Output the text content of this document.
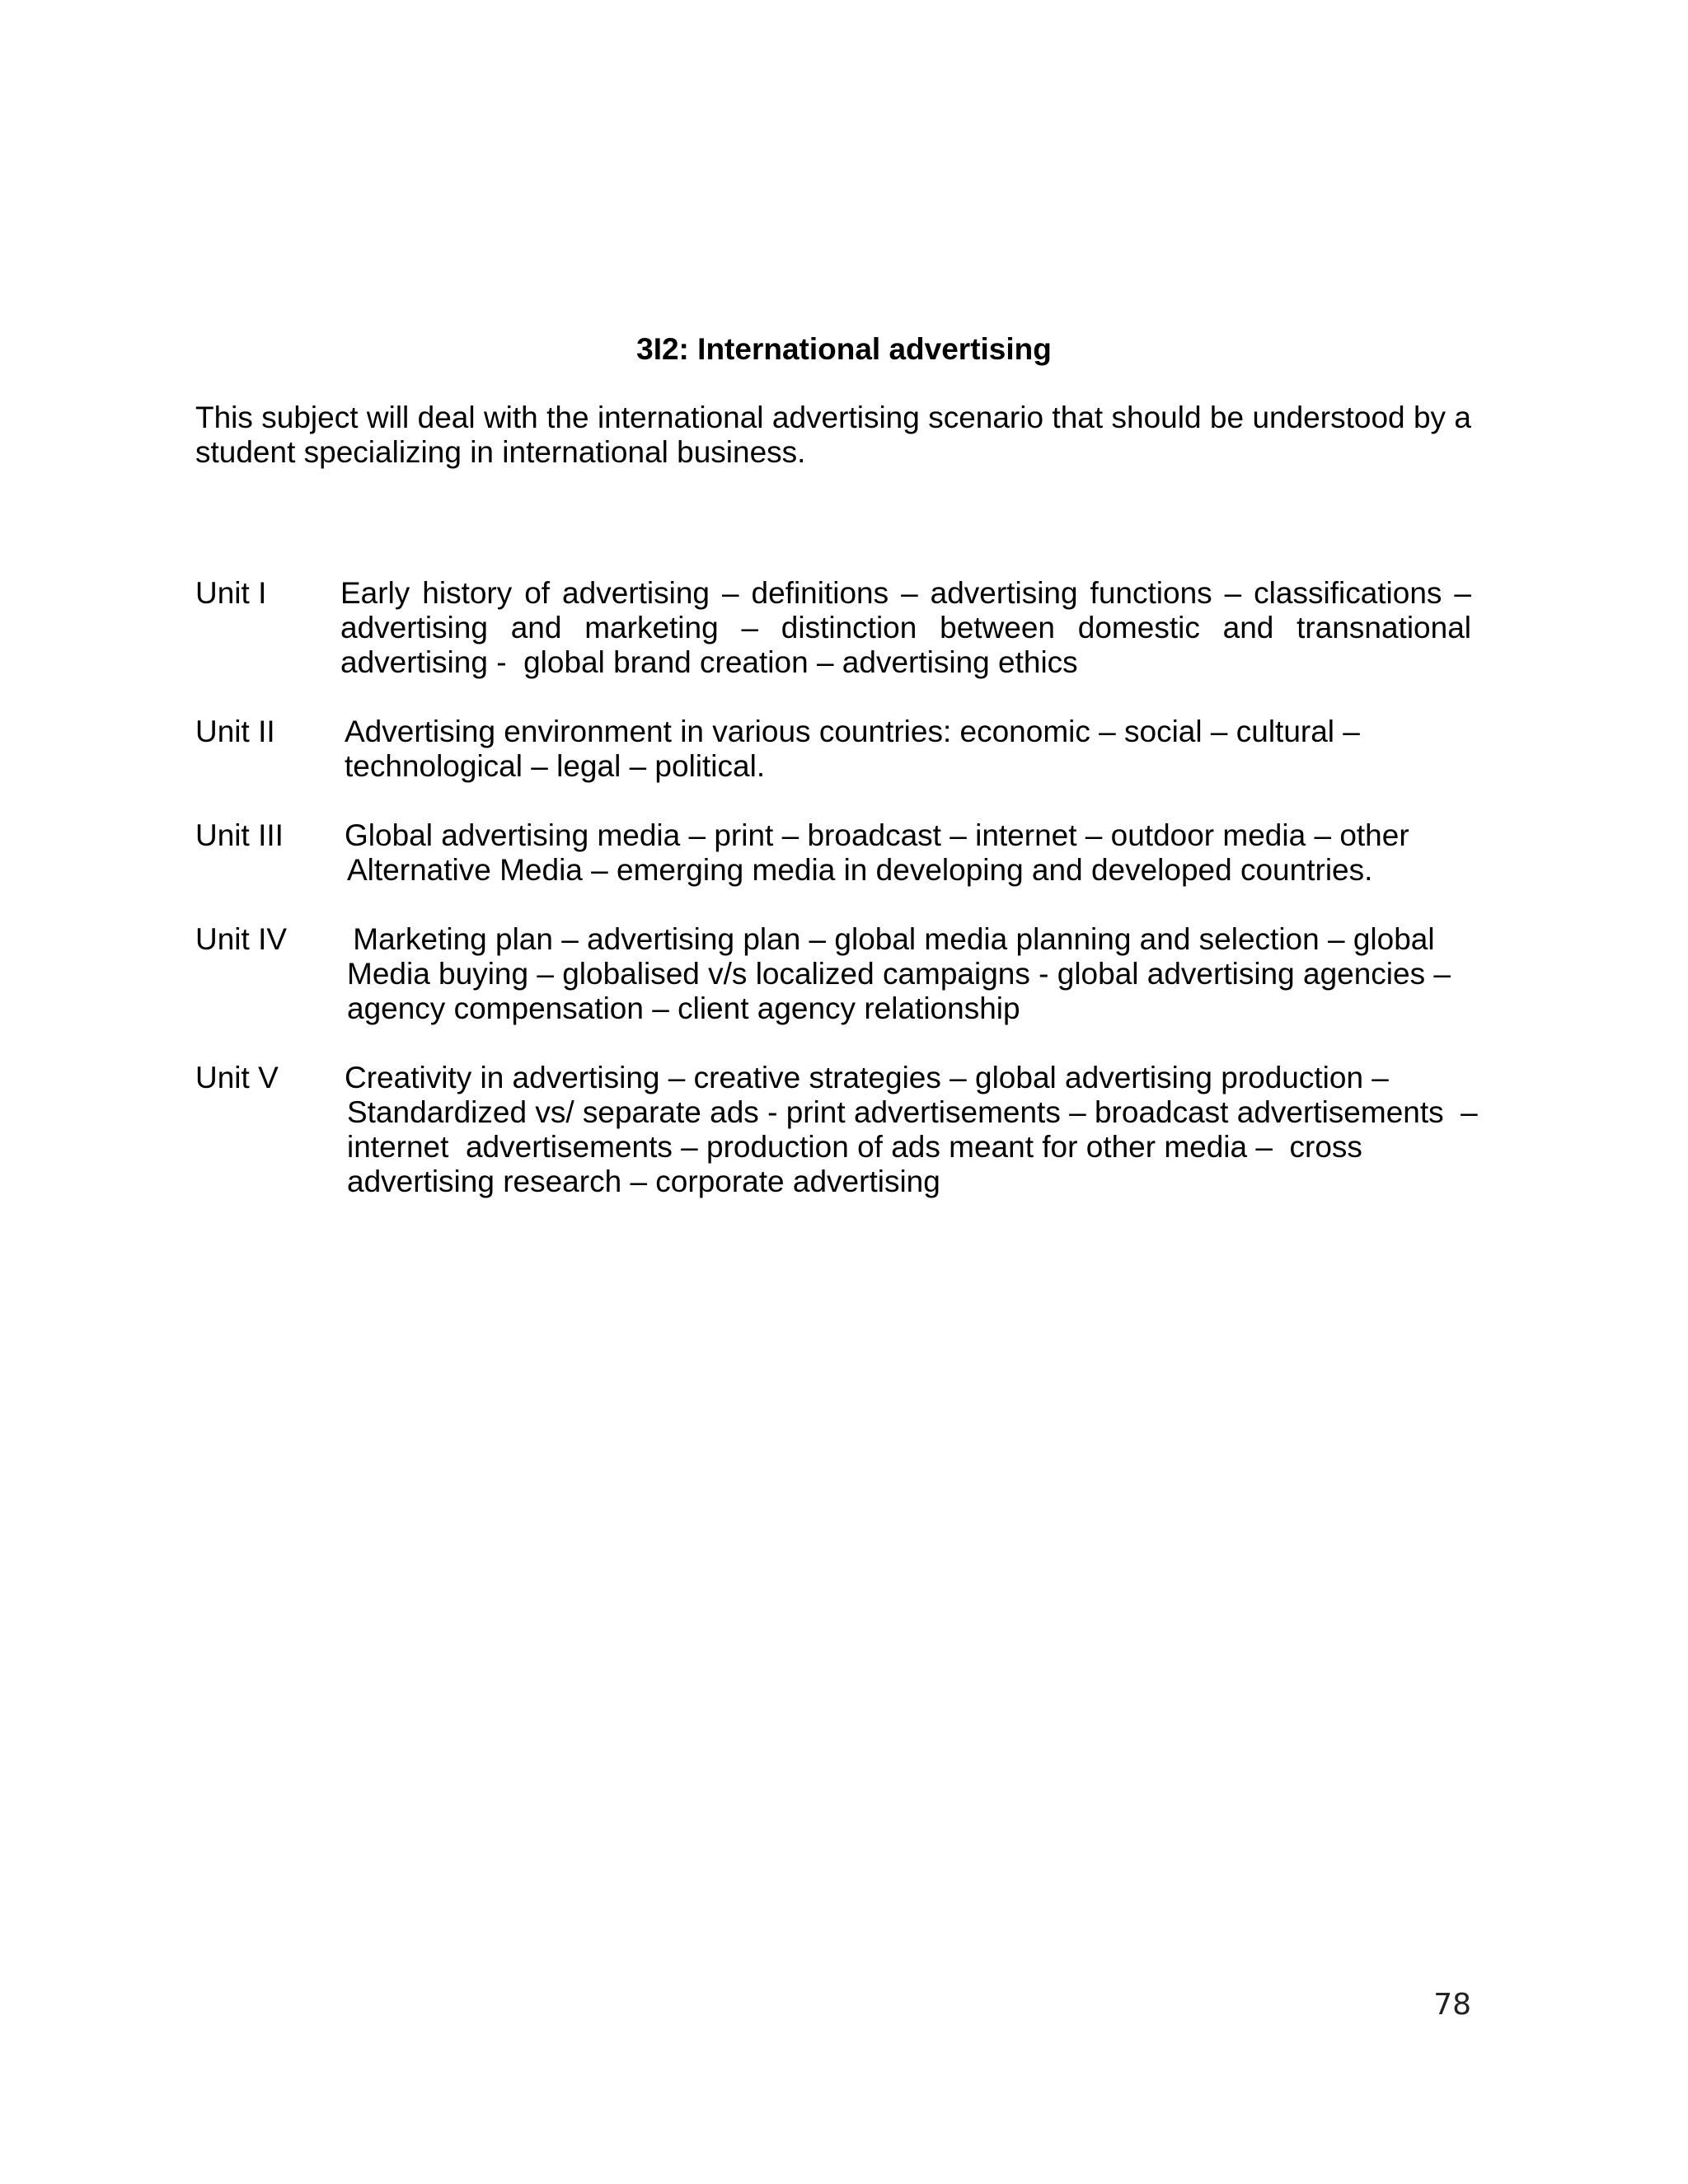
3I2: International advertising
This subject will deal with the international advertising scenario that should be understood by a student specializing in international business.
Unit I	Early history of advertising – definitions – advertising functions – classifications –
advertising and marketing – distinction between domestic and transnational
advertising -  global brand creation – advertising ethics
Unit II	Advertising environment in various countries: economic – social – cultural –
technological – legal – political.
Unit III	Global advertising media – print – broadcast – internet – outdoor media – other
Alternative Media – emerging media in developing and developed countries.
Unit IV	Marketing plan – advertising plan – global media planning and selection – global
Media buying – globalised v/s localized campaigns - global advertising agencies –
agency compensation – client agency relationship
Unit V	Creativity in advertising – creative strategies – global advertising production –
Standardized vs/ separate ads - print advertisements – broadcast advertisements  –
internet  advertisements – production of ads meant for other media –  cross
advertising research – corporate advertising
78
